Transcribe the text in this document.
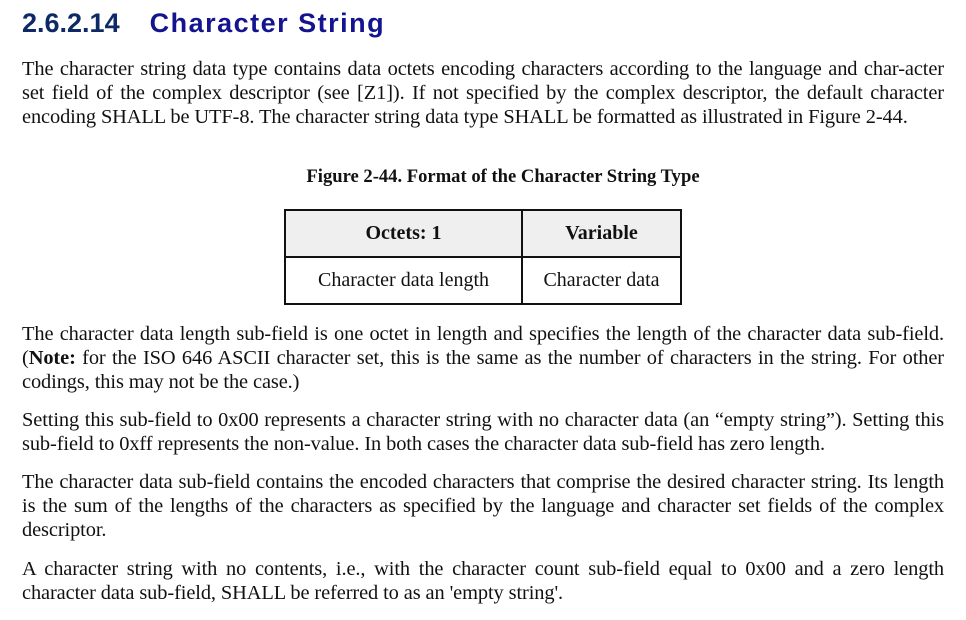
2.6.2.14 Character String

The character string data type contains data octets encoding characters according to the language and char-acter set field of the complex descriptor (see [Z1]). If not specified by the complex descriptor, the default character encoding SHALL be UTF-8. The character string data type SHALL be formatted as illustrated in Figure 2-44.

Figure 2-44. Format of the Character String Type
Octets: 1	Variable
Character data length	Character data

The character data length sub-field is one octet in length and specifies the length of the character data sub-field. (Note: for the ISO 646 ASCII character set, this is the same as the number of characters in the string. For other codings, this may not be the case.)

Setting this sub-field to 0x00 represents a character string with no character data (an “empty string”). Setting this sub-field to 0xff represents the non-value. In both cases the character data sub-field has zero length.

The character data sub-field contains the encoded characters that comprise the desired character string. Its length is the sum of the lengths of the characters as specified by the language and character set fields of the complex descriptor.

A character string with no contents, i.e., with the character count sub-field equal to 0x00 and a zero length character data sub-field, SHALL be referred to as an 'empty string'.
